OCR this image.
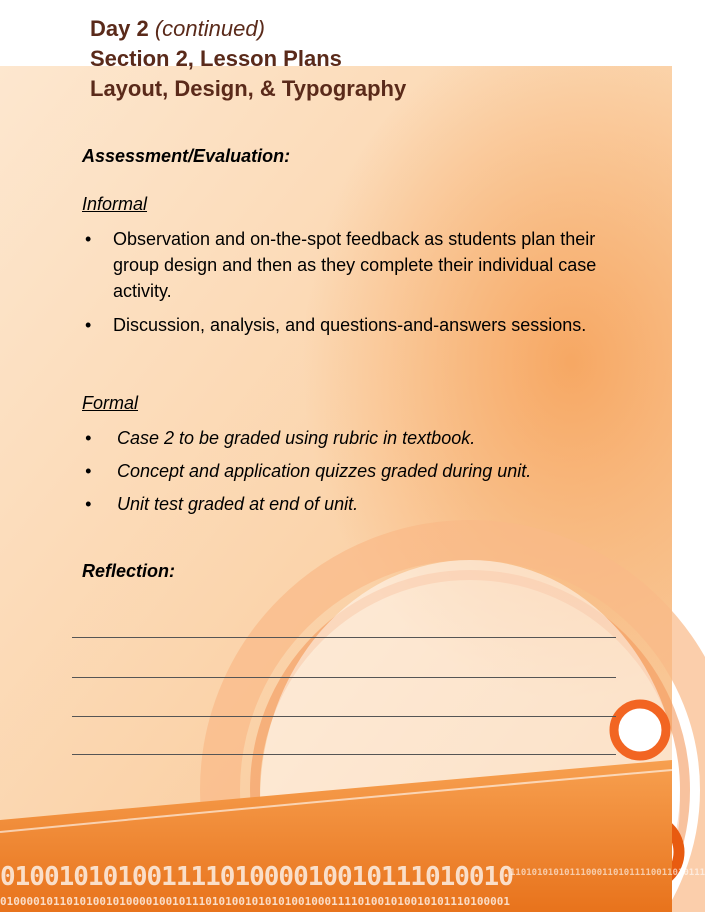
01001010100111101000010010111010010
01000010110101001010000100101110101001010101001000111101001010010101110100001
110101010101110001101011110011010111
Day 2 (continued)
Section 2, Lesson Plans
Layout, Design, & Typography
Assessment/Evaluation:
Informal
• Observation and on-the-spot feedback as students plan their group design and then as they complete their individual case activity.
• Discussion, analysis, and questions-and-answers sessions.
Formal
• Case 2 to be graded using rubric in textbook.
• Concept and application quizzes graded during unit.
• Unit test graded at end of unit.
Reflection:
